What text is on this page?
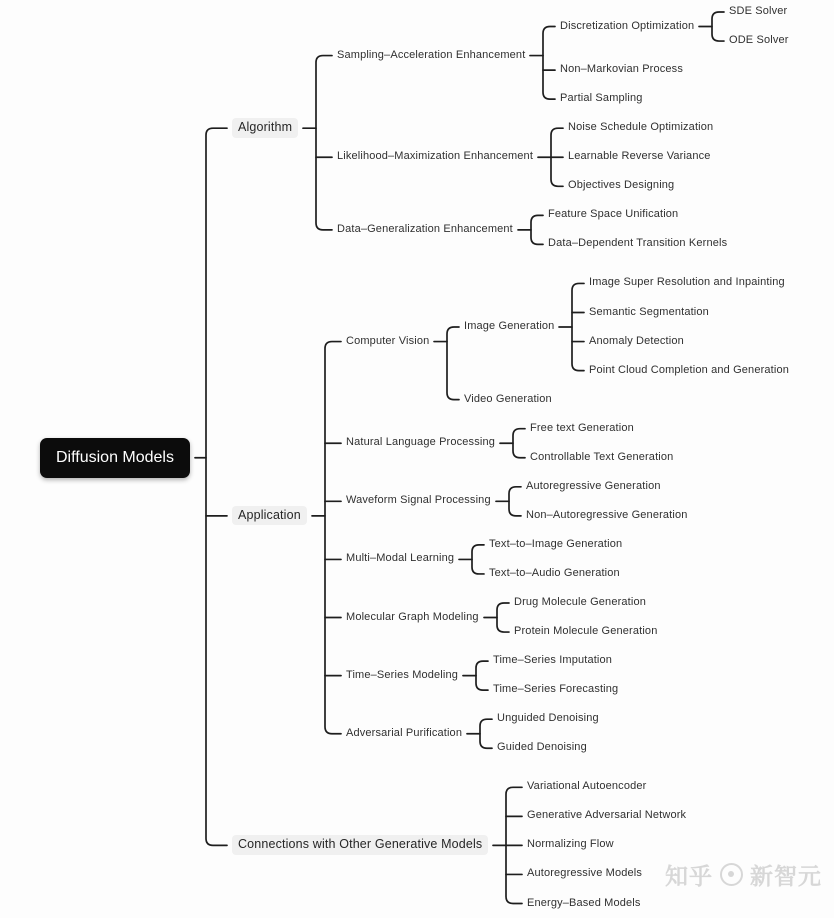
Diffusion Models
知乎 新智元
Algorithm
Sampling–Acceleration Enhancement
Discretization Optimization
SDE Solver
ODE Solver
Non–Markovian Process
Partial Sampling
Likelihood–Maximization Enhancement
Noise Schedule Optimization
Learnable Reverse Variance
Objectives Designing
Data–Generalization Enhancement
Feature Space Unification
Data–Dependent Transition Kernels
Application
Computer Vision
Image Generation
Image Super Resolution and Inpainting
Semantic Segmentation
Anomaly Detection
Point Cloud Completion and Generation
Video Generation
Natural Language Processing
Free text Generation
Controllable Text Generation
Waveform Signal Processing
Autoregressive Generation
Non–Autoregressive Generation
Multi–Modal Learning
Text–to–Image Generation
Text–to–Audio Generation
Molecular Graph Modeling
Drug Molecule Generation
Protein Molecule Generation
Time–Series Modeling
Time–Series Imputation
Time–Series Forecasting
Adversarial Purification
Unguided Denoising
Guided Denoising
Connections with Other Generative Models
Variational Autoencoder
Generative Adversarial Network
Normalizing Flow
Autoregressive Models
Energy–Based Models
